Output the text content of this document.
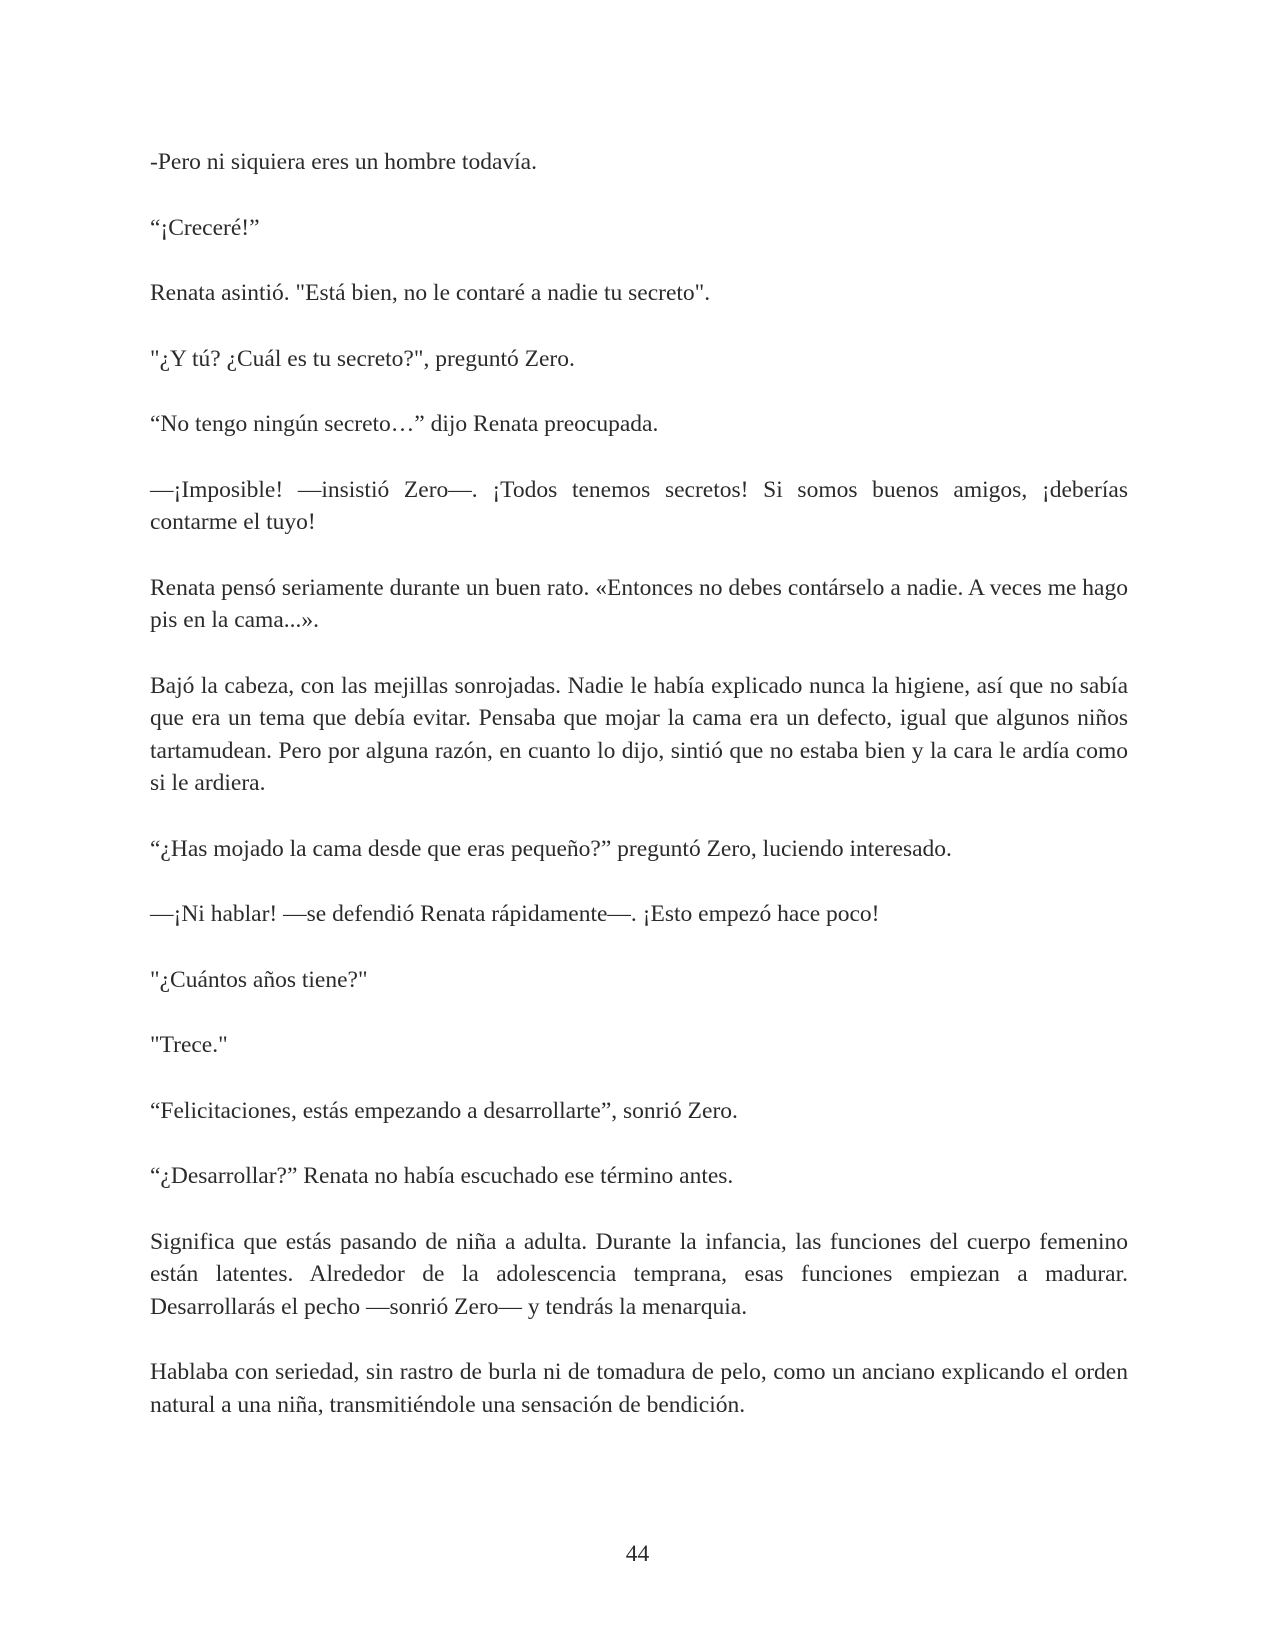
-Pero ni siquiera eres un hombre todavía.

“¡Creceré!”

Renata asintió. "Está bien, no le contaré a nadie tu secreto".

"¿Y tú? ¿Cuál es tu secreto?", preguntó Zero.

“No tengo ningún secreto…” dijo Renata preocupada.

—¡Imposible! —insistió Zero—. ¡Todos tenemos secretos! Si somos buenos amigos, ¡deberías contarme el tuyo!

Renata pensó seriamente durante un buen rato. «Entonces no debes contárselo a nadie. A veces me hago pis en la cama...».

Bajó la cabeza, con las mejillas sonrojadas. Nadie le había explicado nunca la higiene, así que no sabía que era un tema que debía evitar. Pensaba que mojar la cama era un defecto, igual que algunos niños tartamudean. Pero por alguna razón, en cuanto lo dijo, sintió que no estaba bien y la cara le ardía como si le ardiera.

“¿Has mojado la cama desde que eras pequeño?” preguntó Zero, luciendo interesado.

—¡Ni hablar! —se defendió Renata rápidamente—. ¡Esto empezó hace poco!

"¿Cuántos años tiene?"

"Trece."

“Felicitaciones, estás empezando a desarrollarte”, sonrió Zero.

“¿Desarrollar?” Renata no había escuchado ese término antes.

Significa que estás pasando de niña a adulta. Durante la infancia, las funciones del cuerpo femenino están latentes. Alrededor de la adolescencia temprana, esas funciones empiezan a madurar. Desarrollarás el pecho —sonrió Zero— y tendrás la menarquia.

Hablaba con seriedad, sin rastro de burla ni de tomadura de pelo, como un anciano explicando el orden natural a una niña, transmitiéndole una sensación de bendición.

44
